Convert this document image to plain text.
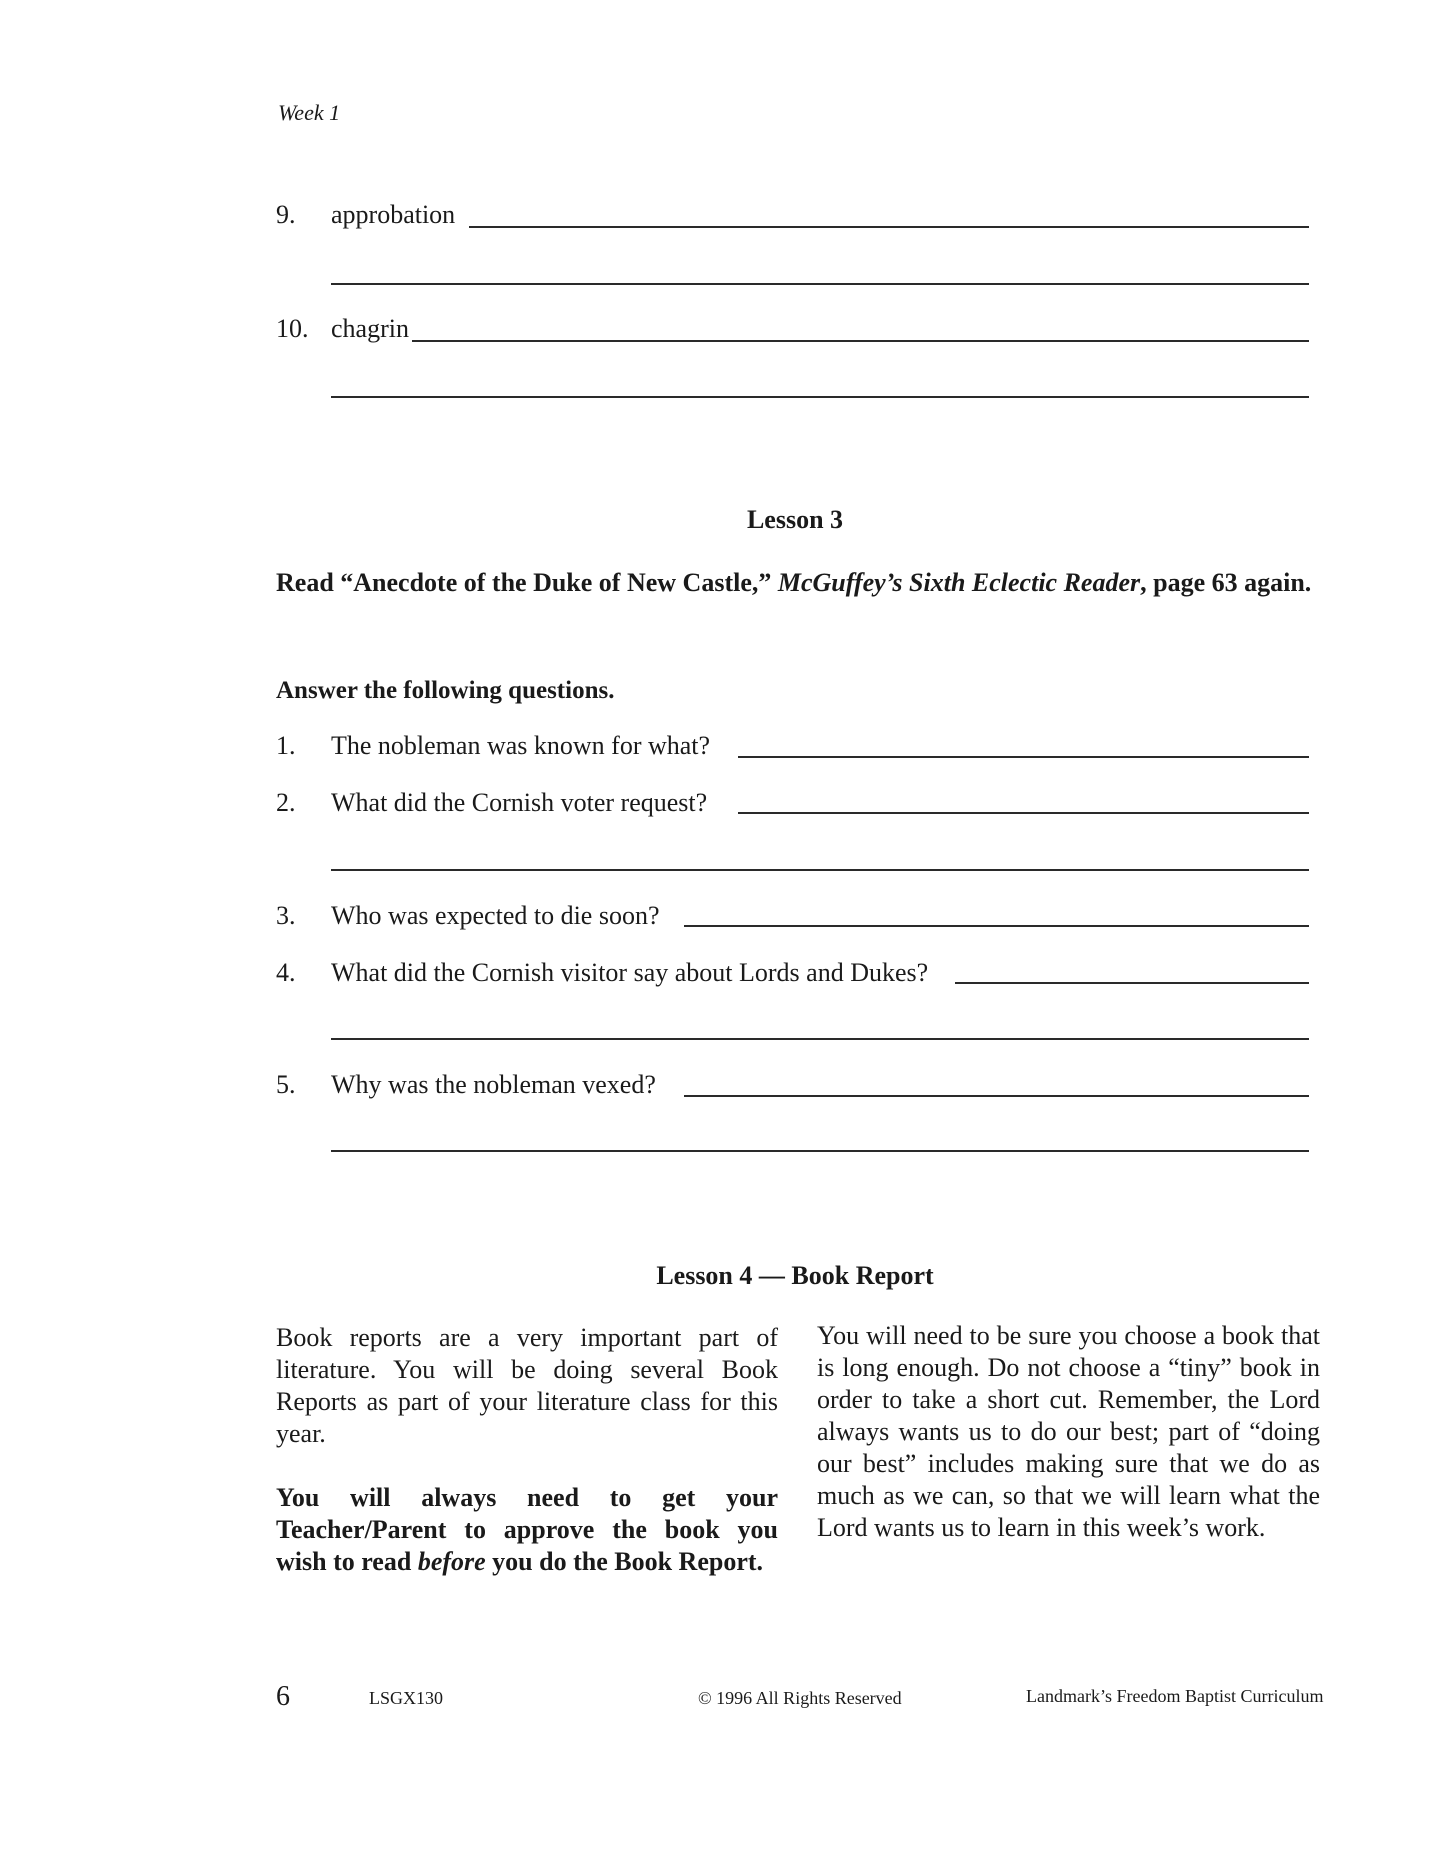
Week 1
9. approbation
10. chagrin
Lesson 3
Read “Anecdote of the Duke of New Castle,” McGuffey’s Sixth Eclectic Reader, page 63 again.
Answer the following questions.
1. The nobleman was known for what?
2. What did the Cornish voter request?
3. Who was expected to die soon?
4. What did the Cornish visitor say about Lords and Dukes?
5. Why was the nobleman vexed?
Lesson 4 — Book Report
Book reports are a very important part of literature. You will be doing several Book Reports as part of your literature class for this year.
You will always need to get your Teacher/Parent to approve the book you wish to read before you do the Book Report.
You will need to be sure you choose a book that is long enough. Do not choose a “tiny” book in order to take a short cut. Remember, the Lord always wants us to do our best; part of “doing our best” includes making sure that we do as much as we can, so that we will learn what the Lord wants us to learn in this week’s work.
6	LSGX130	© 1996 All Rights Reserved	Landmark’s Freedom Baptist Curriculum
